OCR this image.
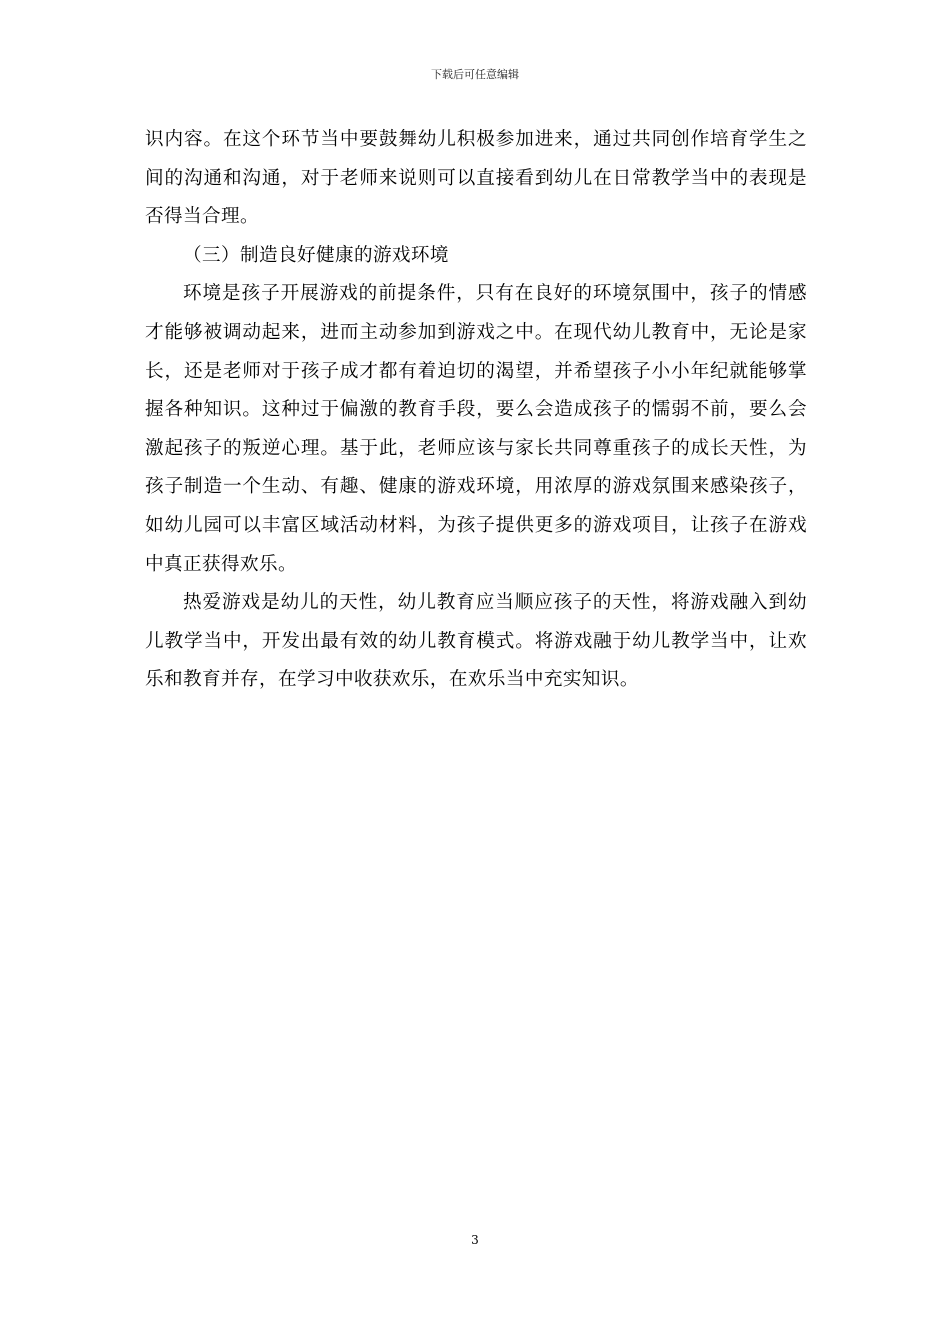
下载后可任意编辑

识内容。在这个环节当中要鼓舞幼儿积极参加进来，通过共同创作培育学生之间的沟通和沟通，对于老师来说则可以直接看到幼儿在日常教学当中的表现是否得当合理。

（三）制造良好健康的游戏环境

环境是孩子开展游戏的前提条件，只有在良好的环境氛围中，孩子的情感才能够被调动起来，进而主动参加到游戏之中。在现代幼儿教育中，无论是家长，还是老师对于孩子成才都有着迫切的渴望，并希望孩子小小年纪就能够掌握各种知识。这种过于偏激的教育手段，要么会造成孩子的懦弱不前，要么会激起孩子的叛逆心理。基于此，老师应该与家长共同尊重孩子的成长天性，为孩子制造一个生动、有趣、健康的游戏环境，用浓厚的游戏氛围来感染孩子，如幼儿园可以丰富区域活动材料，为孩子提供更多的游戏项目，让孩子在游戏中真正获得欢乐。

热爱游戏是幼儿的天性，幼儿教育应当顺应孩子的天性，将游戏融入到幼儿教学当中，开发出最有效的幼儿教育模式。将游戏融于幼儿教学当中，让欢乐和教育并存，在学习中收获欢乐，在欢乐当中充实知识。

3
